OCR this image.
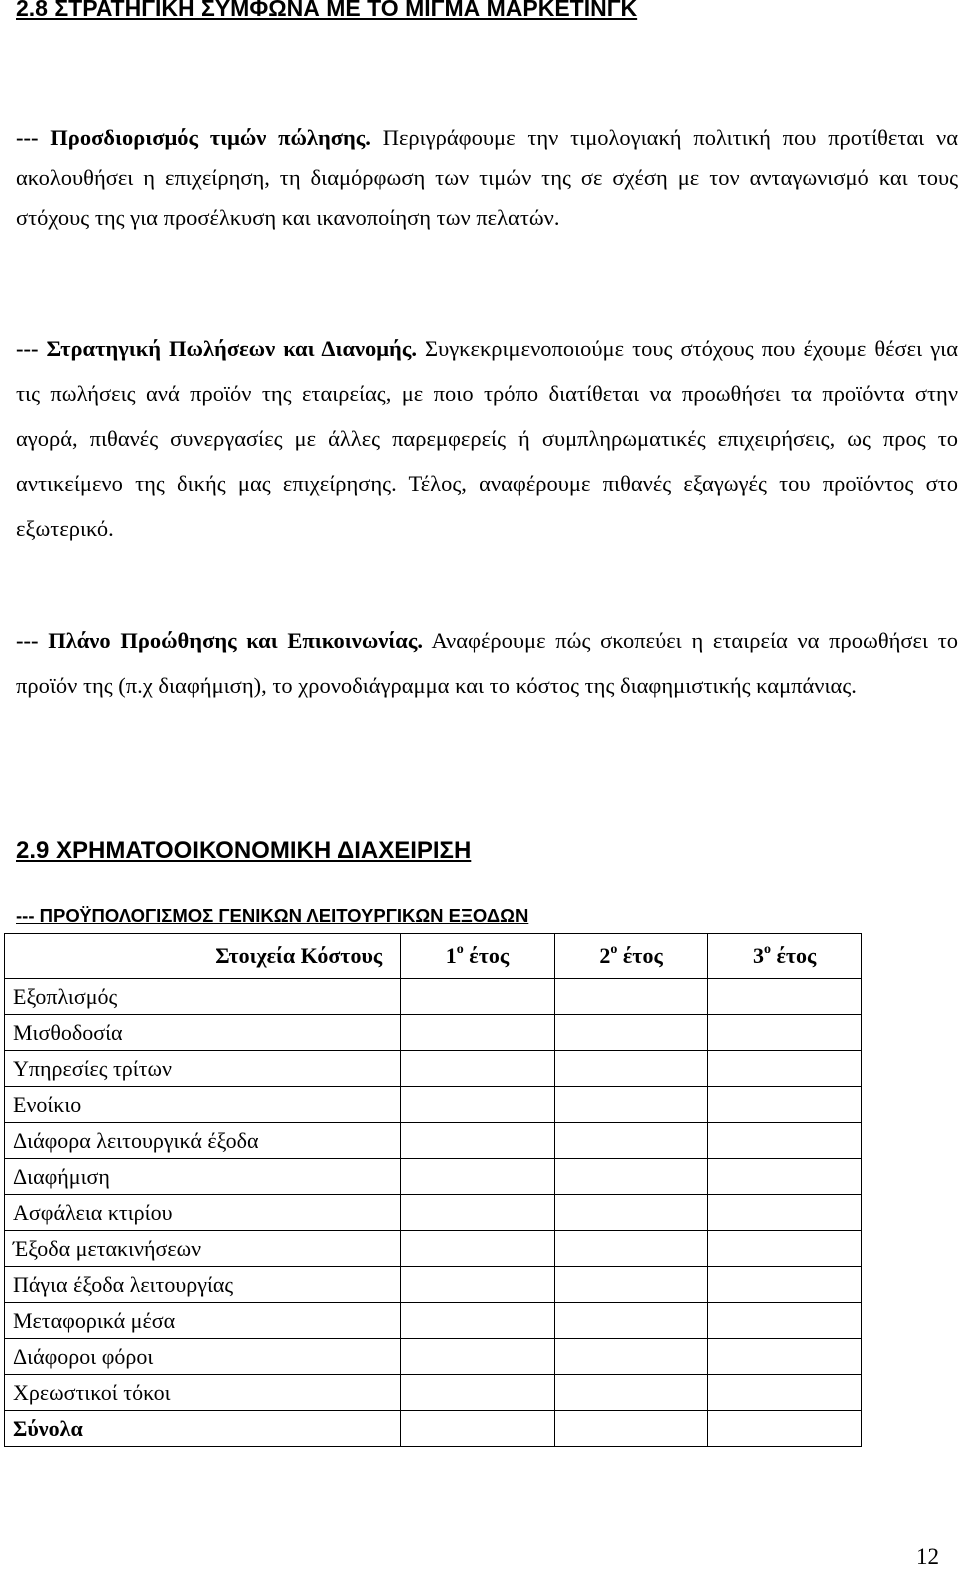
2.8 ΣΤΡΑΤΗΓΙΚΗ ΣΥΜΦΩΝΑ ΜΕ ΤΟ ΜΙΓΜΑ ΜΑΡΚΕΤΙΝΓΚ

--- Προσδιορισμός τιμών πώλησης. Περιγράφουμε την τιμολογιακή πολιτική που προτίθεται να ακολουθήσει η επιχείρηση, τη διαμόρφωση των τιμών της σε σχέση με τον ανταγωνισμό και τους στόχους της για προσέλκυση και ικανοποίηση των πελατών.

--- Στρατηγική Πωλήσεων και Διανομής. Συγκεκριμενοποιούμε τους στόχους που έχουμε θέσει για τις πωλήσεις ανά προϊόν της εταιρείας, με ποιο τρόπο διατίθεται να προωθήσει τα προϊόντα στην αγορά, πιθανές συνεργασίες με άλλες παρεμφερείς ή συμπληρωματικές επιχειρήσεις, ως προς το αντικείμενο της δικής μας επιχείρησης. Τέλος, αναφέρουμε πιθανές εξαγωγές του προϊόντος στο εξωτερικό.

--- Πλάνο Προώθησης και Επικοινωνίας. Αναφέρουμε πώς σκοπεύει η εταιρεία να προωθήσει το προϊόν της (π.χ διαφήμιση), το χρονοδιάγραμμα και το κόστος της διαφημιστικής καμπάνιας.

2.9 ΧΡΗΜΑΤΟΟΙΚΟΝΟΜΙΚΗ ΔΙΑΧΕΙΡΙΣΗ

--- ΠΡΟΫΠΟΛΟΓΙΣΜΟΣ ΓΕΝΙΚΩΝ ΛΕΙΤΟΥΡΓΙΚΩΝ ΕΞΟΔΩΝ

Στοιχεία Κόστους	$1^o$ έτος	$2^o$ έτος	$3^o$ έτος
Εξοπλισμός			
Μισθοδοσία			
Υπηρεσίες τρίτων			
Ενοίκιο			
Διάφορα λειτουργικά έξοδα			
Διαφήμιση			
Ασφάλεια κτιρίου			
Έξοδα μετακινήσεων			
Πάγια έξοδα λειτουργίας			
Μεταφορικά μέσα			
Διάφοροι φόροι			
Χρεωστικοί τόκοι			
Σύνολα			

12
